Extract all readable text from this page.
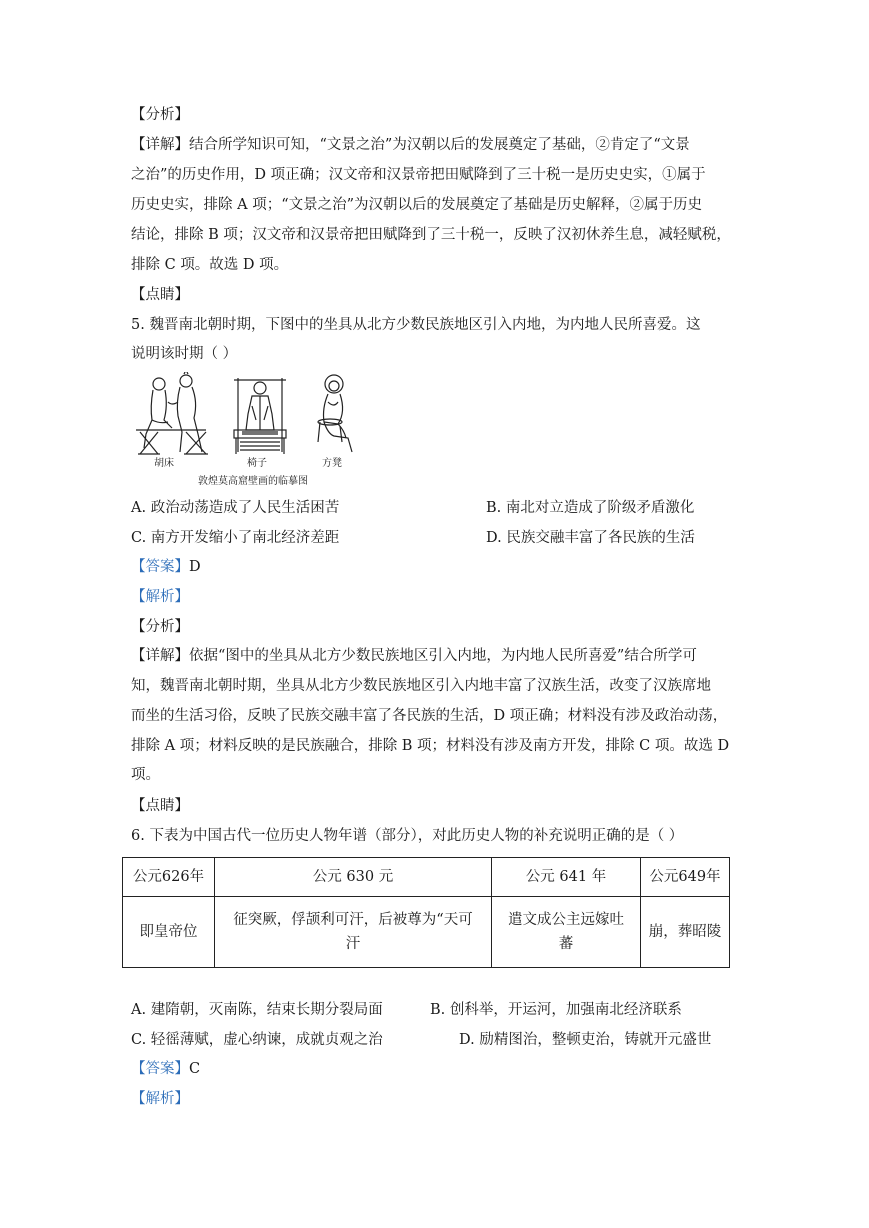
【分析】
【详解】结合所学知识可知，“文景之治”为汉朝以后的发展奠定了基础，②肯定了“文景
之治”的历史作用，D 项正确；汉文帝和汉景帝把田赋降到了三十税一是历史史实，①属于
历史史实，排除 A 项；“文景之治”为汉朝以后的发展奠定了基础是历史解释，②属于历史
结论，排除 B 项；汉文帝和汉景帝把田赋降到了三十税一，反映了汉初休养生息，减轻赋税，
排除 C 项。故选 D 项。
【点睛】
5. 魏晋南北朝时期，下图中的坐具从北方少数民族地区引入内地，为内地人民所喜爱。这
说明该时期（ ）
胡床	椅子	方凳
敦煌莫高窟壁画的临摹图
A. 政治动荡造成了人民生活困苦	B. 南北对立造成了阶级矛盾激化
C. 南方开发缩小了南北经济差距	D. 民族交融丰富了各民族的生活
【答案】D
【解析】
【分析】
【详解】依据“图中的坐具从北方少数民族地区引入内地，为内地人民所喜爱”结合所学可
知，魏晋南北朝时期，坐具从北方少数民族地区引入内地丰富了汉族生活，改变了汉族席地
而坐的生活习俗，反映了民族交融丰富了各民族的生活，D 项正确；材料没有涉及政治动荡，
排除 A 项；材料反映的是民族融合，排除 B 项；材料没有涉及南方开发，排除 C 项。故选 D
项。
【点睛】
6. 下表为中国古代一位历史人物年谱（部分），对此历史人物的补充说明正确的是（ ）
公元626年	公元 630 元	公元 641 年	公元649年
即皇帝位	征突厥，俘颉利可汗，后被尊为“天可汗	遣文成公主远嫁吐蕃	崩，葬昭陵
A. 建隋朝，灭南陈，结束长期分裂局面	B. 创科举，开运河，加强南北经济联系
C. 轻徭薄赋，虚心纳谏，成就贞观之治	D. 励精图治，整顿吏治，铸就开元盛世
【答案】C
【解析】
